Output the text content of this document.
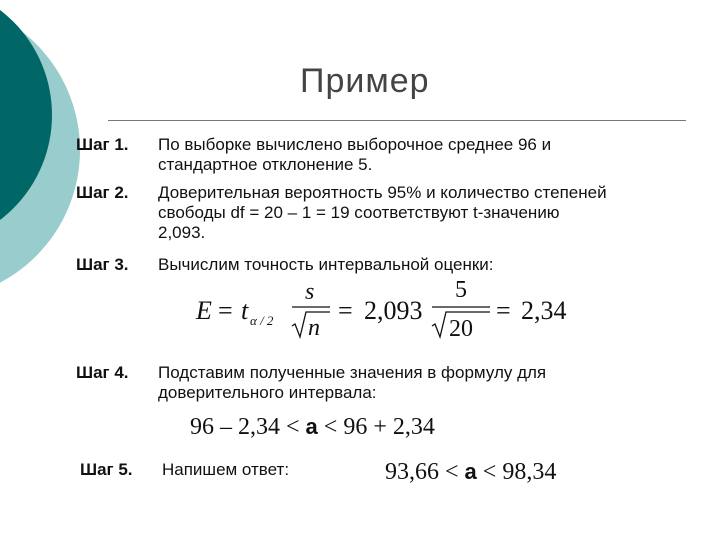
Пример
Шаг 1. По выборке вычислено выборочное среднее 96 и
стандартное отклонение 5.
Шаг 2. Доверительная вероятность 95% и количество степеней
свободы df = 20 – 1 = 19 соответствуют t-значению
2,093.
Шаг 3. Вычислим точность интервальной оценки:
E = t α / 2
s
n
= 2,093
5
20
= 2,34
Шаг 4. Подставим полученные значения в формулу для
доверительного интервала:
96 – 2,34 < a < 96 + 2,34
Шаг 5. Напишем ответ:	93,66 < a < 98,34
